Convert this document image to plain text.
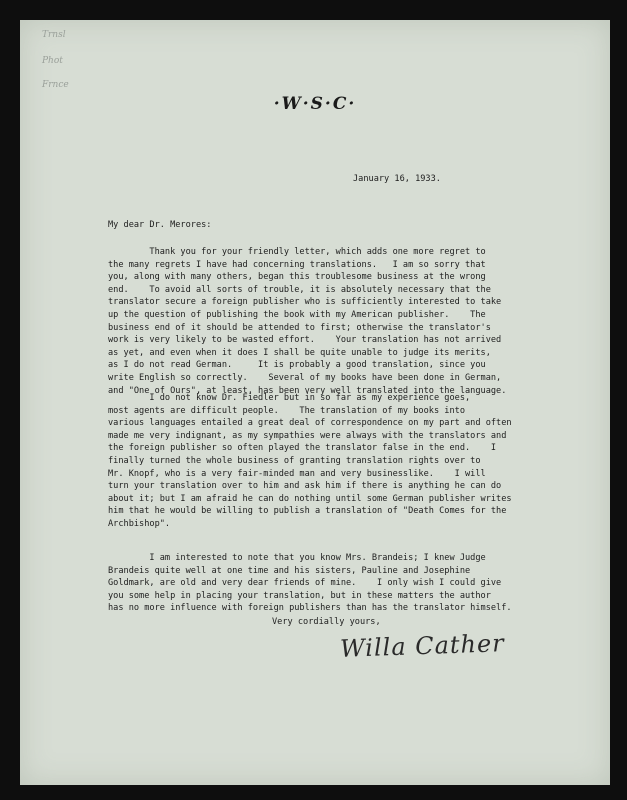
Trnsl
Phot
Frnce
·W·S·C·
January 16, 1933.
My dear Dr. Merores:
Thank you for your friendly letter, which adds one more regret to
the many regrets I have had concerning translations.   I am so sorry that
you, along with many others, began this troublesome business at the wrong
end.    To avoid all sorts of trouble, it is absolutely necessary that the
translator secure a foreign publisher who is sufficiently interested to take
up the question of publishing the book with my American publisher.    The
business end of it should be attended to first; otherwise the translator's
work is very likely to be wasted effort.    Your translation has not arrived
as yet, and even when it does I shall be quite unable to judge its merits,
as I do not read German.     It is probably a good translation, since you
write English so correctly.    Several of my books have been done in German,
and "One of Ours", at least, has been very well translated into the language.
I do not know Dr. Fiedler but in so far as my experience goes,
most agents are difficult people.    The translation of my books into
various languages entailed a great deal of correspondence on my part and often
made me very indignant, as my sympathies were always with the translators and
the foreign publisher so often played the translator false in the end.    I
finally turned the whole business of granting translation rights over to
Mr. Knopf, who is a very fair-minded man and very businesslike.    I will
turn your translation over to him and ask him if there is anything he can do
about it; but I am afraid he can do nothing until some German publisher writes
him that he would be willing to publish a translation of "Death Comes for the
Archbishop".
I am interested to note that you know Mrs. Brandeis; I knew Judge
Brandeis quite well at one time and his sisters, Pauline and Josephine
Goldmark, are old and very dear friends of mine.    I only wish I could give
you some help in placing your translation, but in these matters the author
has no more influence with foreign publishers than has the translator himself.
Very cordially yours,
Willa Cather
